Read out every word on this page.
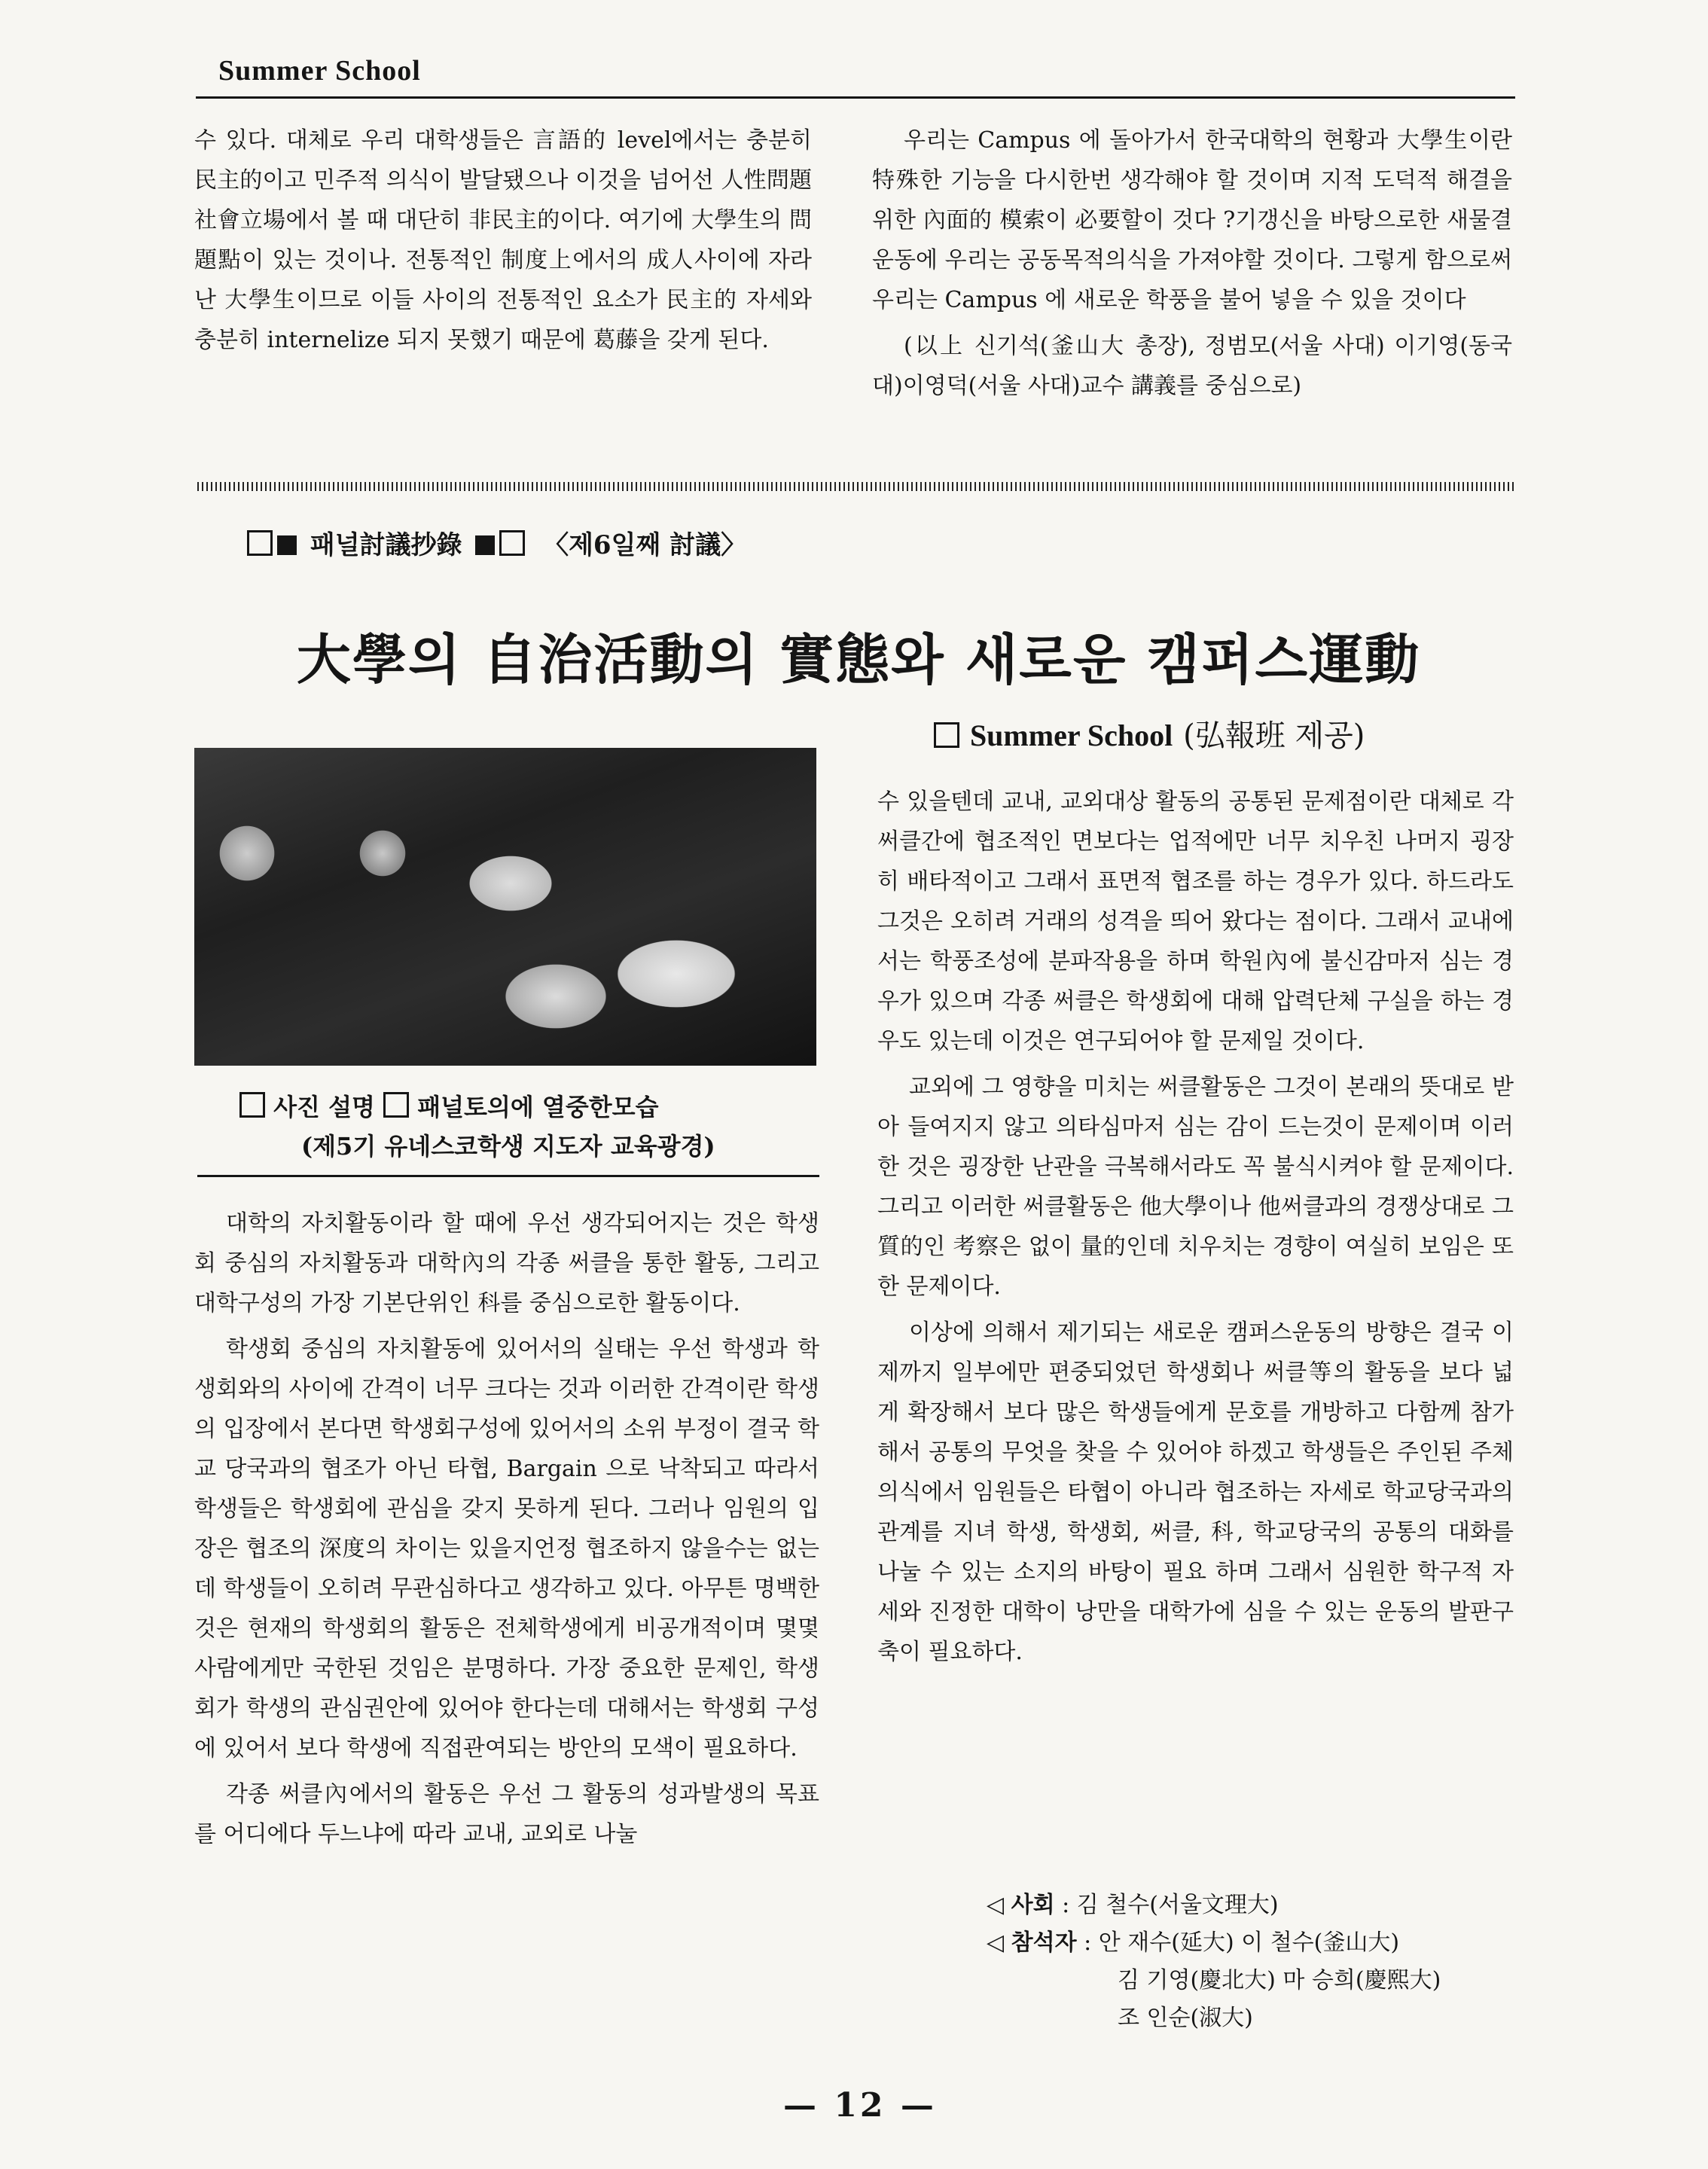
Summer School

수 있다. 대체로 우리 대학생들은 言語的 level에서는 충분히 民主的이고 민주적 의식이 발달됐으나 이것을 넘어선 人性問題 社會立場에서 볼 때 대단히 非民主的이다. 여기에 大學生의 問題點이 있는 것이나. 전통적인 制度上에서의 成人사이에 자라난 大學生이므로 이들 사이의 전통적인 요소가 民主的 자세와 충분히 internelize 되지 못했기 때문에 葛藤을 갖게 된다.

우리는 Campus 에 돌아가서 한국대학의 현황과 大學生이란 特殊한 기능을 다시한번 생각해야 할 것이며 지적 도덕적 해결을 위한 內面的 模索이 必要할이 것다 ?기갱신을 바탕으로한 새물결운동에 우리는 공동목적의식을 가져야할 것이다. 그렇게 함으로써 우리는 Campus 에 새로운 학풍을 불어 넣을 수 있을 것이다

(以上 신기석(釜山大 총장), 정범모(서울 사대) 이기영(동국대)이영덕(서울 사대)교수 講義를 중심으로)

패널討議抄錄	〈제6일째 討議〉
大學의 自治活動의 實態와 새로운 캠퍼스運動
Summer School (弘報班 제공)
사진 설명 패널토의에 열중한모습
(제5기 유네스코학생 지도자 교육광경)

대학의 자치활동이라 할 때에 우선 생각되어지는 것은 학생회 중심의 자치활동과 대학內의 각종 써클을 통한 활동, 그리고 대학구성의 가장 기본단위인 科를 중심으로한 활동이다.

학생회 중심의 자치활동에 있어서의 실태는 우선 학생과 학생회와의 사이에 간격이 너무 크다는 것과 이러한 간격이란 학생의 입장에서 본다면 학생회구성에 있어서의 소위 부정이 결국 학교 당국과의 협조가 아닌 타협, Bargain 으로 낙착되고 따라서 학생들은 학생회에 관심을 갖지 못하게 된다. 그러나 임원의 입장은 협조의 深度의 차이는 있을지언정 협조하지 않을수는 없는데 학생들이 오히려 무관심하다고 생각하고 있다. 아무튼 명백한 것은 현재의 학생회의 활동은 전체학생에게 비공개적이며 몇몇 사람에게만 국한된 것임은 분명하다. 가장 중요한 문제인, 학생회가 학생의 관심권안에 있어야 한다는데 대해서는 학생회 구성에 있어서 보다 학생에 직접관여되는 방안의 모색이 필요하다.

각종 써클內에서의 활동은 우선 그 활동의 성과발생의 목표를 어디에다 두느냐에 따라 교내, 교외로 나눌

수 있을텐데 교내, 교외대상 활동의 공통된 문제점이란 대체로 각 써클간에 협조적인 면보다는 업적에만 너무 치우친 나머지 굉장히 배타적이고 그래서 표면적 협조를 하는 경우가 있다. 하드라도 그것은 오히려 거래의 성격을 띄어 왔다는 점이다. 그래서 교내에서는 학풍조성에 분파작용을 하며 학원內에 불신감마저 심는 경우가 있으며 각종 써클은 학생회에 대해 압력단체 구실을 하는 경우도 있는데 이것은 연구되어야 할 문제일 것이다.

교외에 그 영향을 미치는 써클활동은 그것이 본래의 뜻대로 받아 들여지지 않고 의타심마저 심는 감이 드는것이 문제이며 이러한 것은 굉장한 난관을 극복해서라도 꼭 불식시켜야 할 문제이다. 그리고 이러한 써클활동은 他大學이나 他써클과의 경쟁상대로 그質的인 考察은 없이 量的인데 치우치는 경향이 여실히 보임은 또한 문제이다.

이상에 의해서 제기되는 새로운 캠퍼스운동의 방향은 결국 이제까지 일부에만 편중되었던 학생회나 써클等의 활동을 보다 넓게 확장해서 보다 많은 학생들에게 문호를 개방하고 다함께 참가해서 공통의 무엇을 찾을 수 있어야 하겠고 학생들은 주인된 주체의식에서 임원들은 타협이 아니라 협조하는 자세로 학교당국과의 관계를 지녀 학생, 학생회, 써클, 科, 학교당국의 공통의 대화를 나눌 수 있는 소지의 바탕이 필요 하며 그래서 심원한 학구적 자세와 진정한 대학이 낭만을 대학가에 심을 수 있는 운동의 발판구축이 필요하다.

◁ 사회 : 김 철수(서울文理大)
◁ 참석자 : 안 재수(延大) 이 철수(釜山大)
김 기영(慶北大) 마 승희(慶熙大)
조 인순(淑大)
— 12 —
